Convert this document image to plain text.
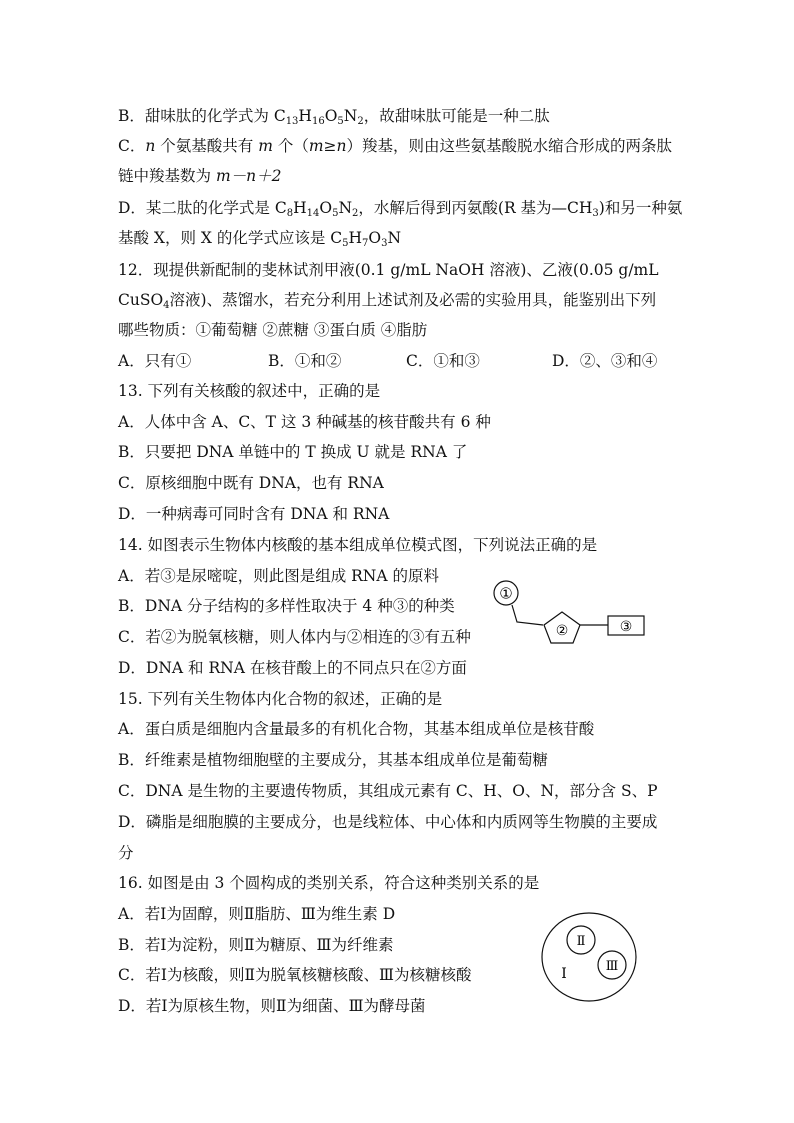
B．甜味肽的化学式为 $C_{13}H_{16}O_5N_2$，故甜味肽可能是一种二肽
C．n 个氨基酸共有 m 个（m≥n）羧基，则由这些氨基酸脱水缩合形成的两条肽
链中羧基数为 m－n＋2
D．某二肽的化学式是 $C_8H_{14}O_5N_2$，水解后得到丙氨酸(R 基为$—CH_3$)和另一种氨
基酸 X，则 X 的化学式应该是 $C_5H_7O_3N$
12．现提供新配制的斐林试剂甲液(0.1 g/mL NaOH 溶液)、乙液(0.05 g/mL
CuSO$_4$溶液)、蒸馏水，若充分利用上述试剂及必需的实验用具，能鉴别出下列
哪些物质：①葡萄糖 ②蔗糖 ③蛋白质 ④脂肪
A．只有①	B．①和②	C．①和③	D．②、③和④
13. 下列有关核酸的叙述中，正确的是
A．人体中含 A、C、T 这 3 种碱基的核苷酸共有 6 种
B．只要把 DNA 单链中的 T 换成 U 就是 RNA 了
C．原核细胞中既有 DNA，也有 RNA
D．一种病毒可同时含有 DNA 和 RNA
14. 如图表示生物体内核酸的基本组成单位模式图，下列说法正确的是
A．若③是尿嘧啶，则此图是组成 RNA 的原料
B．DNA 分子结构的多样性取决于 4 种③的种类
C．若②为脱氧核糖，则人体内与②相连的③有五种
D．DNA 和 RNA 在核苷酸上的不同点只在②方面
①
②	③
15. 下列有关生物体内化合物的叙述，正确的是
A．蛋白质是细胞内含量最多的有机化合物，其基本组成单位是核苷酸
B．纤维素是植物细胞壁的主要成分，其基本组成单位是葡萄糖
C．DNA 是生物的主要遗传物质，其组成元素有 C、H、O、N，部分含 S、P
D．磷脂是细胞膜的主要成分，也是线粒体、中心体和内质网等生物膜的主要成
分
16. 如图是由 3 个圆构成的类别关系，符合这种类别关系的是
A．若Ⅰ为固醇，则Ⅱ脂肪、Ⅲ为维生素 D
B．若Ⅰ为淀粉，则Ⅱ为糖原、Ⅲ为纤维素
C．若Ⅰ为核酸，则Ⅱ为脱氧核糖核酸、Ⅲ为核糖核酸
D．若Ⅰ为原核生物，则Ⅱ为细菌、Ⅲ为酵母菌
Ⅰ
Ⅱ
Ⅲ
